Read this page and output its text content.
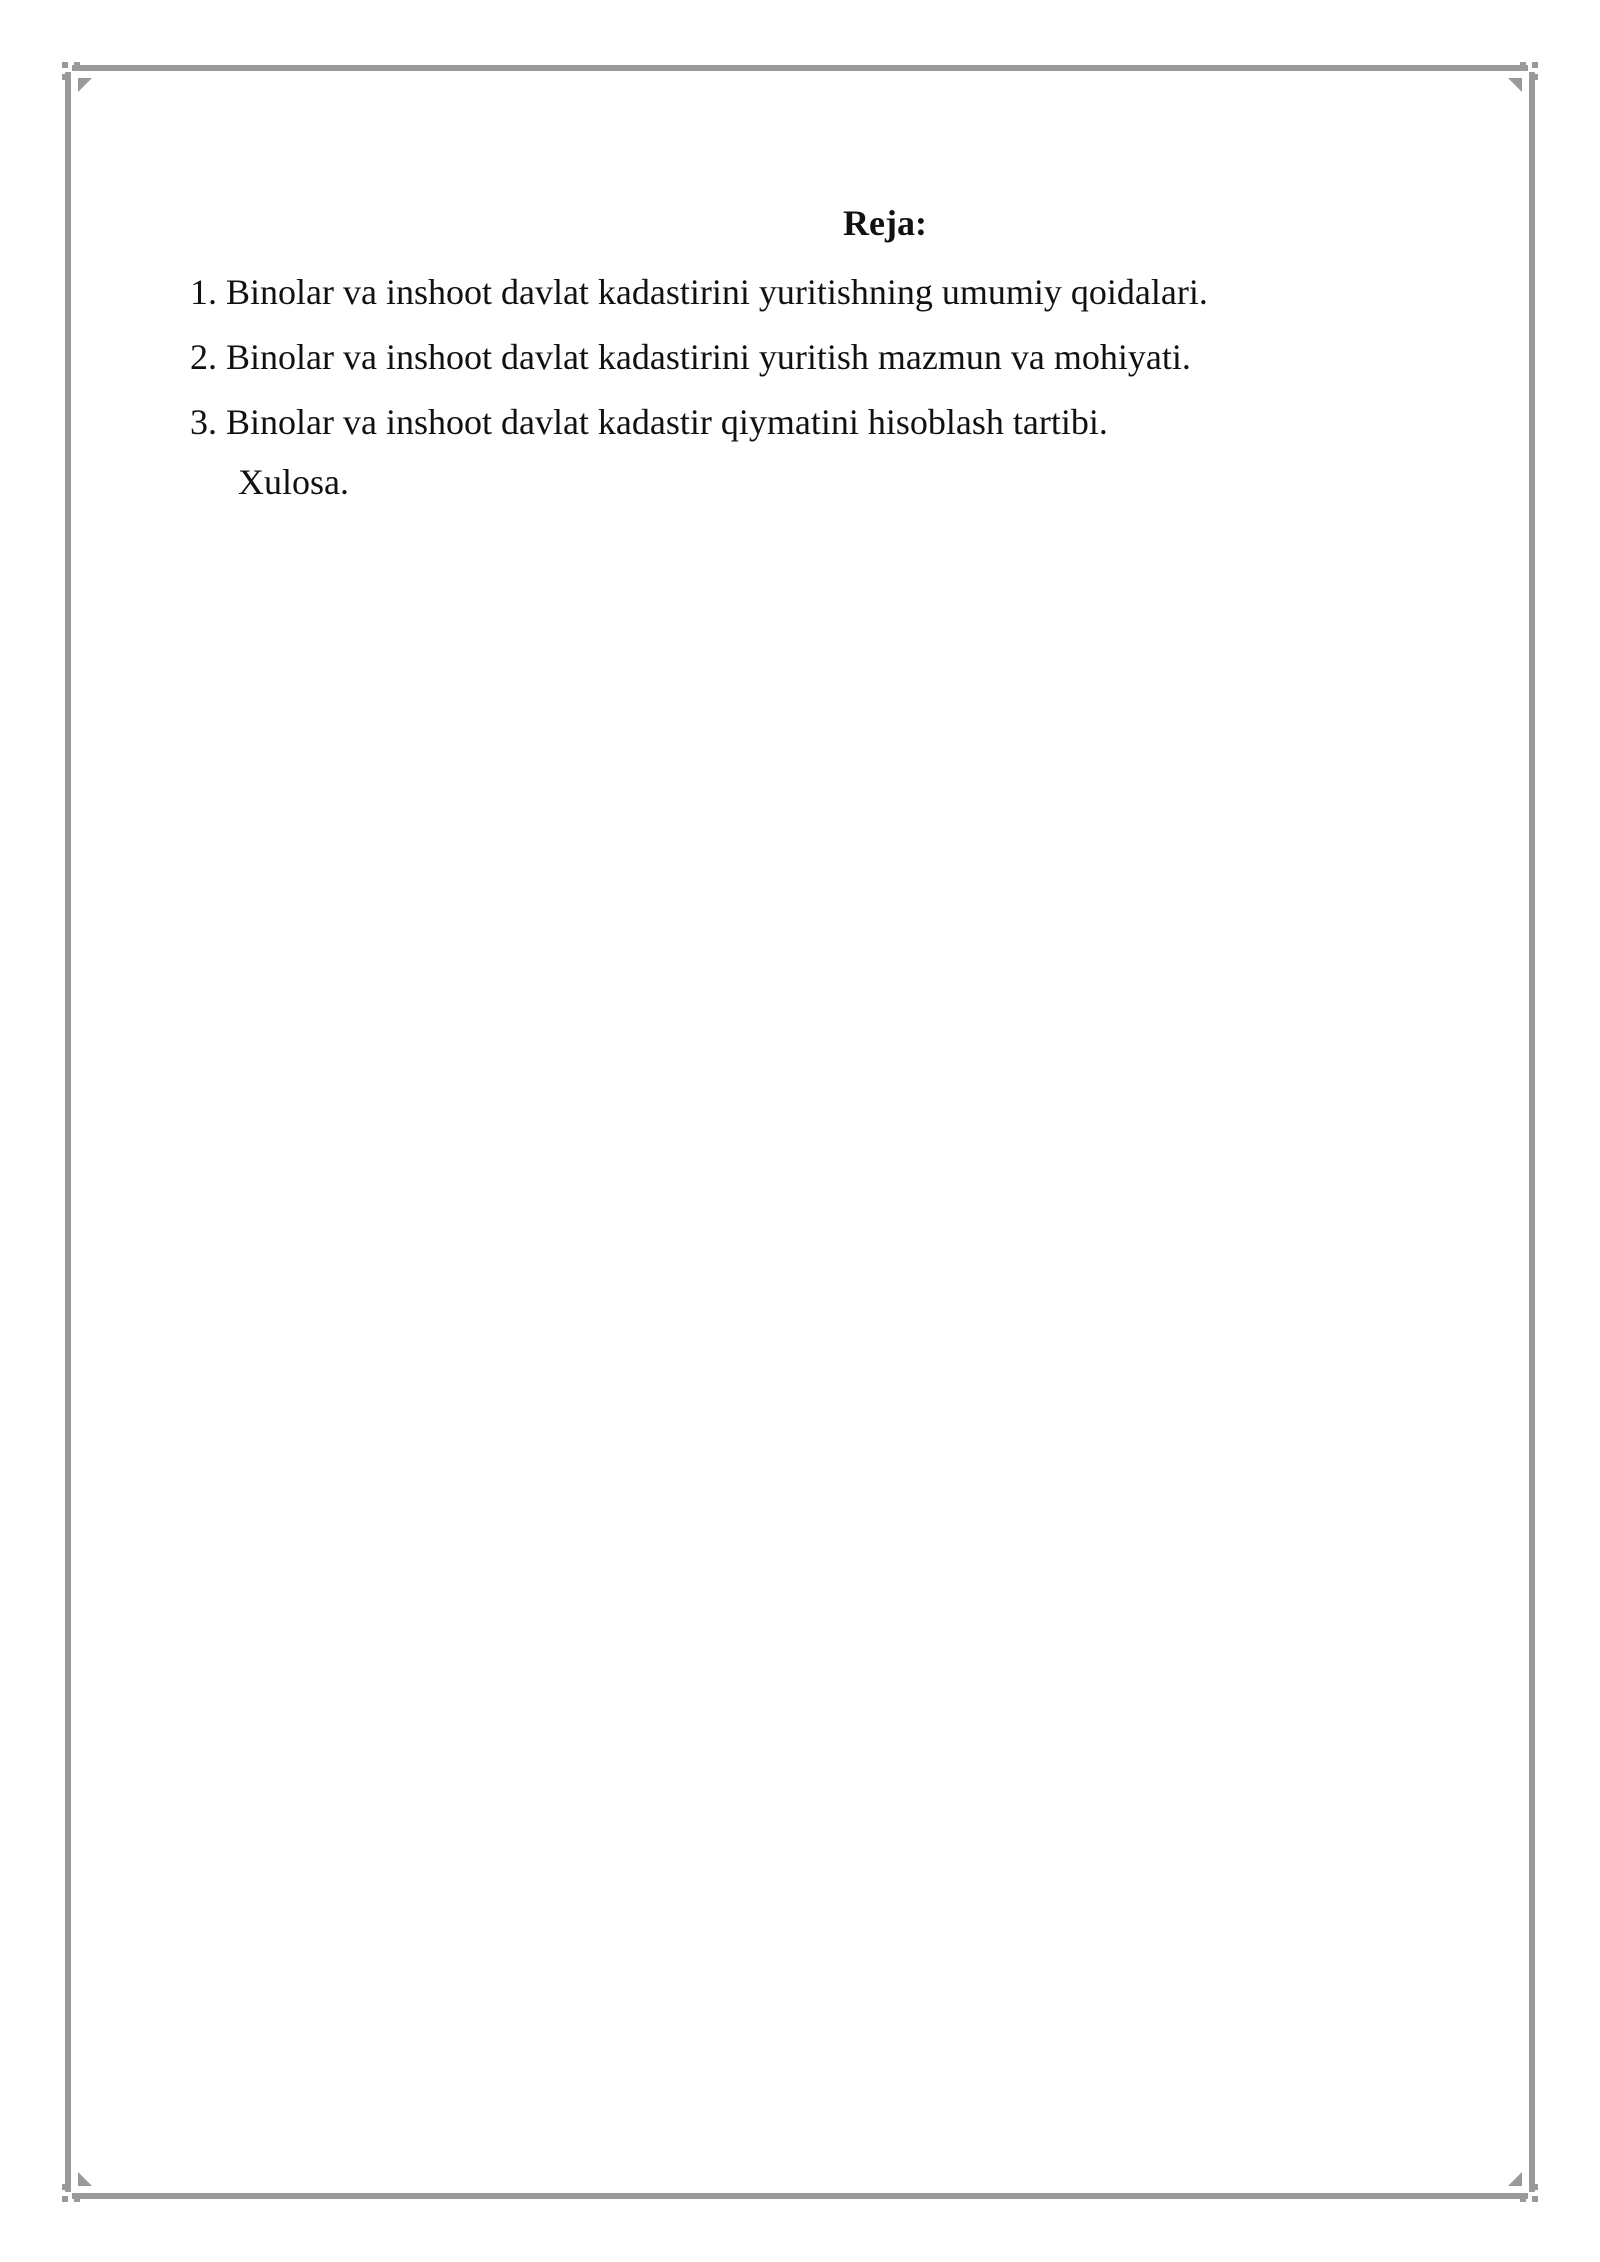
Reja:
1. Binolar va inshoot davlat kadastirini yuritishning umumiy qoidalari.
2. Binolar va inshoot davlat kadastirini yuritish mazmun va mohiyati.
3. Binolar va inshoot davlat kadastir qiymatini hisoblash tartibi.
Xulosa.
